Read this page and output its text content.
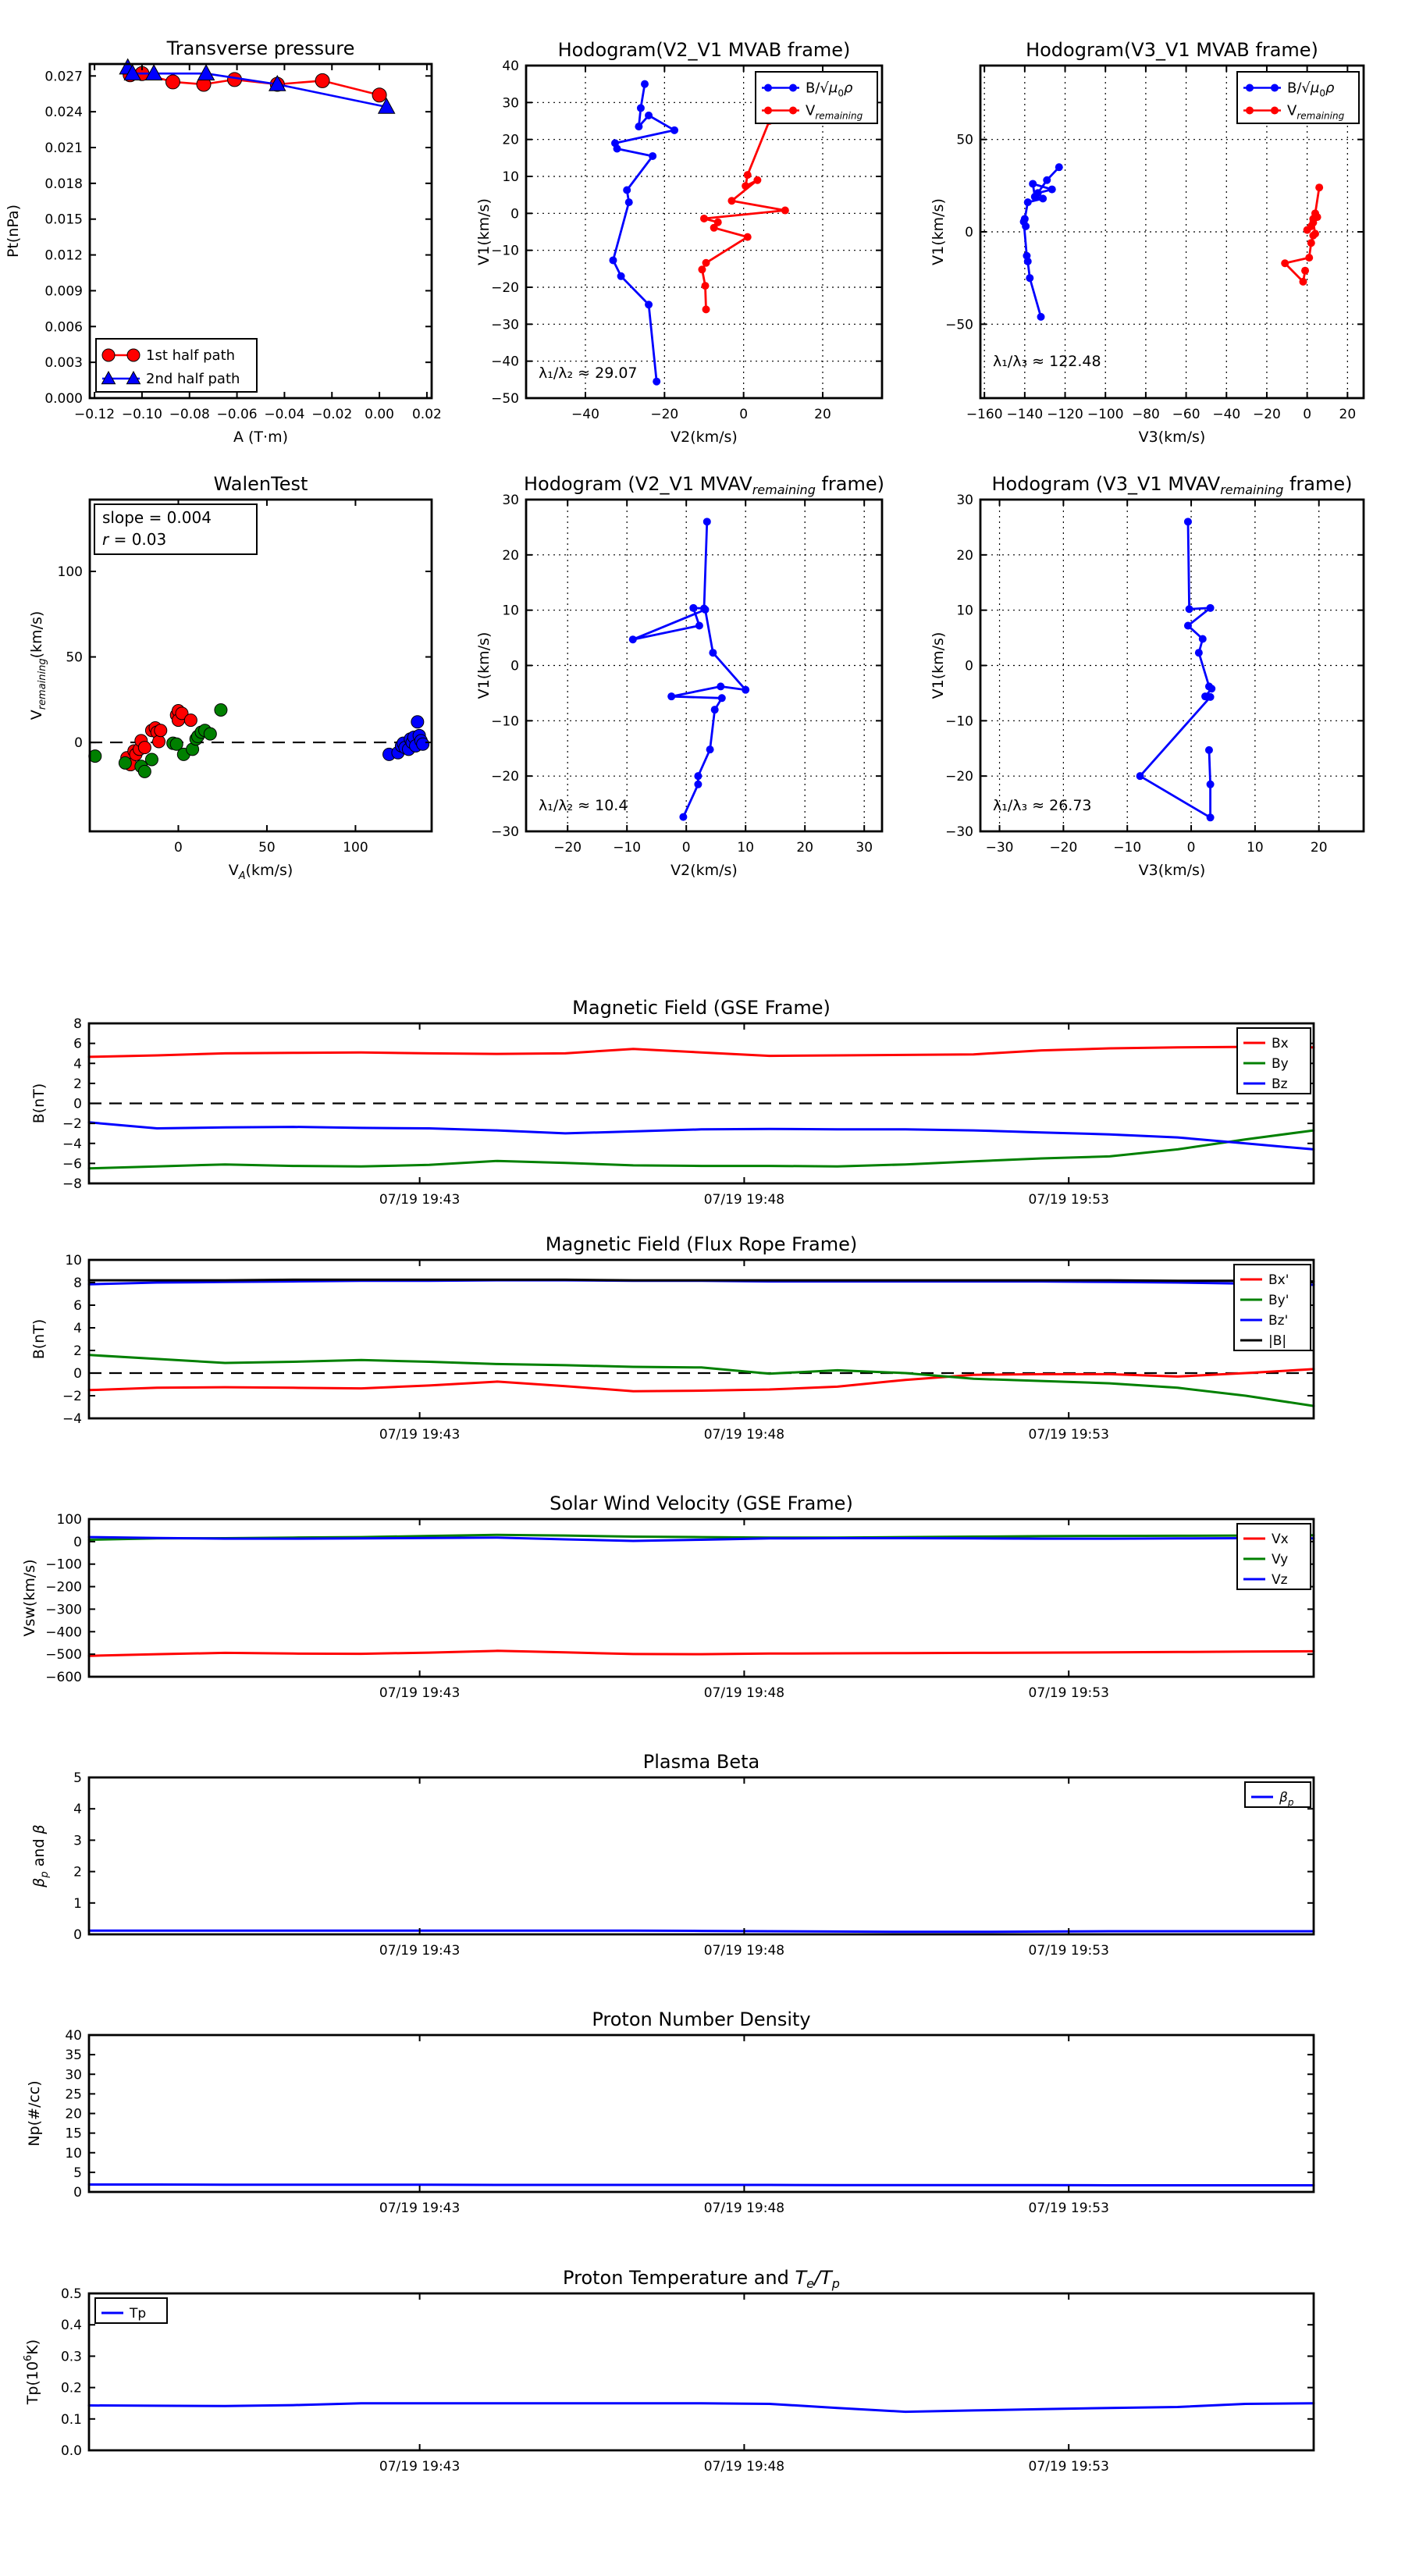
−0.12 −0.10 −0.08 −0.06 −0.04 −0.02 0.00 0.02
0.000
0.003
0.006
0.009
0.012
0.015
0.018
0.021
0.024
0.027
1st half path
2nd half path
Transverse pressure
A (T·m)
Pt(nPa)
−40	−20	0	20
−50
−40
−30
−20
−10
0
10
20
30
40
$B/√\mu_0\rho$
$V_{remaining}$
λ₁/λ₂ ≈ 29.07
Hodogram(V2_V1 MVAB frame)
V2(km/s)
V1(km/s)
−160 −140 −120 −100 −80 −60 −40 −20 0 20
−50
0
50
$B/√\mu_0\rho$
$V_{remaining}$
λ₁/λ₃ ≈ 122.48
Hodogram(V3_V1 MVAB frame)
V3(km/s)
V1(km/s)
0	50	100
0
50
100
slope = 0.004
r = 0.03
WalenTest
$V_A(km/s)$
$V_{remaining}(km/s)$
−20 −10	0	10	20	30
−30
−20
−10
0
10
20
30
λ₁/λ₂ ≈ 10.4
Hodogram (V2_V1 $MVAV_{remaining}$ frame)
V2(km/s)
V1(km/s)
−30	−20	−10	0	10	20
−30
−20
−10
0
10
20
30
λ₁/λ₃ ≈ 26.73
Hodogram (V3_V1 $MVAV_{remaining}$ frame)
V3(km/s)
V1(km/s)
07/19 19:43	07/19 19:48	07/19 19:53
−8
−6
−4
−2
0
2
4
6
8
Bx
By
Bz
Magnetic Field (GSE Frame)
B(nT)
07/19 19:43	07/19 19:48	07/19 19:53
−4
−2
0
2
4
6
8
10
Bx'
By'
Bz'
|B|
Magnetic Field (Flux Rope Frame)
B(nT)
07/19 19:43	07/19 19:48	07/19 19:53
−600
−500
−400
−300
−200
−100
0
100
Vx
Vy
Vz
Solar Wind Velocity (GSE Frame)
Vsw(km/s)
07/19 19:43	07/19 19:48	07/19 19:53
0
1
2
3
4
5
$\beta_p$
Plasma Beta
$\beta_p$ and β
07/19 19:43	07/19 19:48	07/19 19:53
0
5
10
15
20
25
30
35
40
Proton Number Density
Np(#/cc)
07/19 19:43	07/19 19:48	07/19 19:53
0.0
0.1
0.2
0.3
0.4
0.5
Tp
Proton Temperature and $T_e/T_p$
$Tp(10^6K)$
